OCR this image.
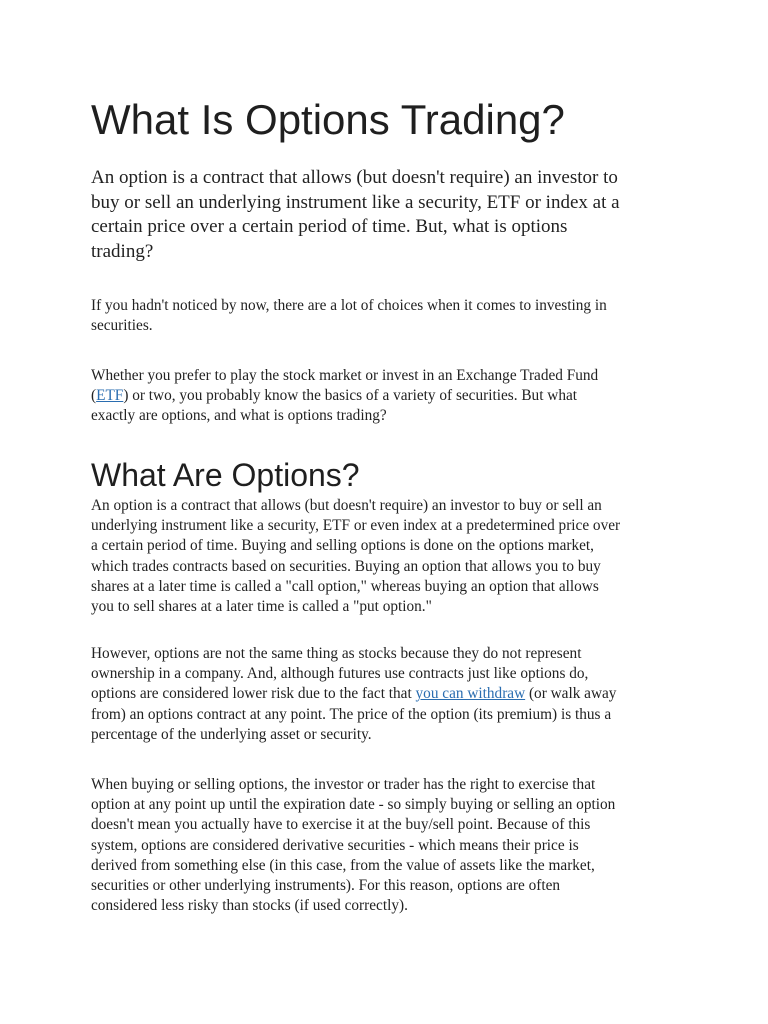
What Is Options Trading?

An option is a contract that allows (but doesn't require) an investor to
buy or sell an underlying instrument like a security, ETF or index at a
certain price over a certain period of time. But, what is options
trading?

If you hadn't noticed by now, there are a lot of choices when it comes to investing in
securities.

Whether you prefer to play the stock market or invest in an Exchange Traded Fund
(ETF) or two, you probably know the basics of a variety of securities. But what
exactly are options, and what is options trading?

What Are Options?

An option is a contract that allows (but doesn't require) an investor to buy or sell an
underlying instrument like a security, ETF or even index at a predetermined price over
a certain period of time. Buying and selling options is done on the options market,
which trades contracts based on securities. Buying an option that allows you to buy
shares at a later time is called a "call option," whereas buying an option that allows
you to sell shares at a later time is called a "put option."

However, options are not the same thing as stocks because they do not represent
ownership in a company. And, although futures use contracts just like options do,
options are considered lower risk due to the fact that you can withdraw (or walk away
from) an options contract at any point. The price of the option (its premium) is thus a
percentage of the underlying asset or security.

When buying or selling options, the investor or trader has the right to exercise that
option at any point up until the expiration date - so simply buying or selling an option
doesn't mean you actually have to exercise it at the buy/sell point. Because of this
system, options are considered derivative securities - which means their price is
derived from something else (in this case, from the value of assets like the market,
securities or other underlying instruments). For this reason, options are often
considered less risky than stocks (if used correctly).
